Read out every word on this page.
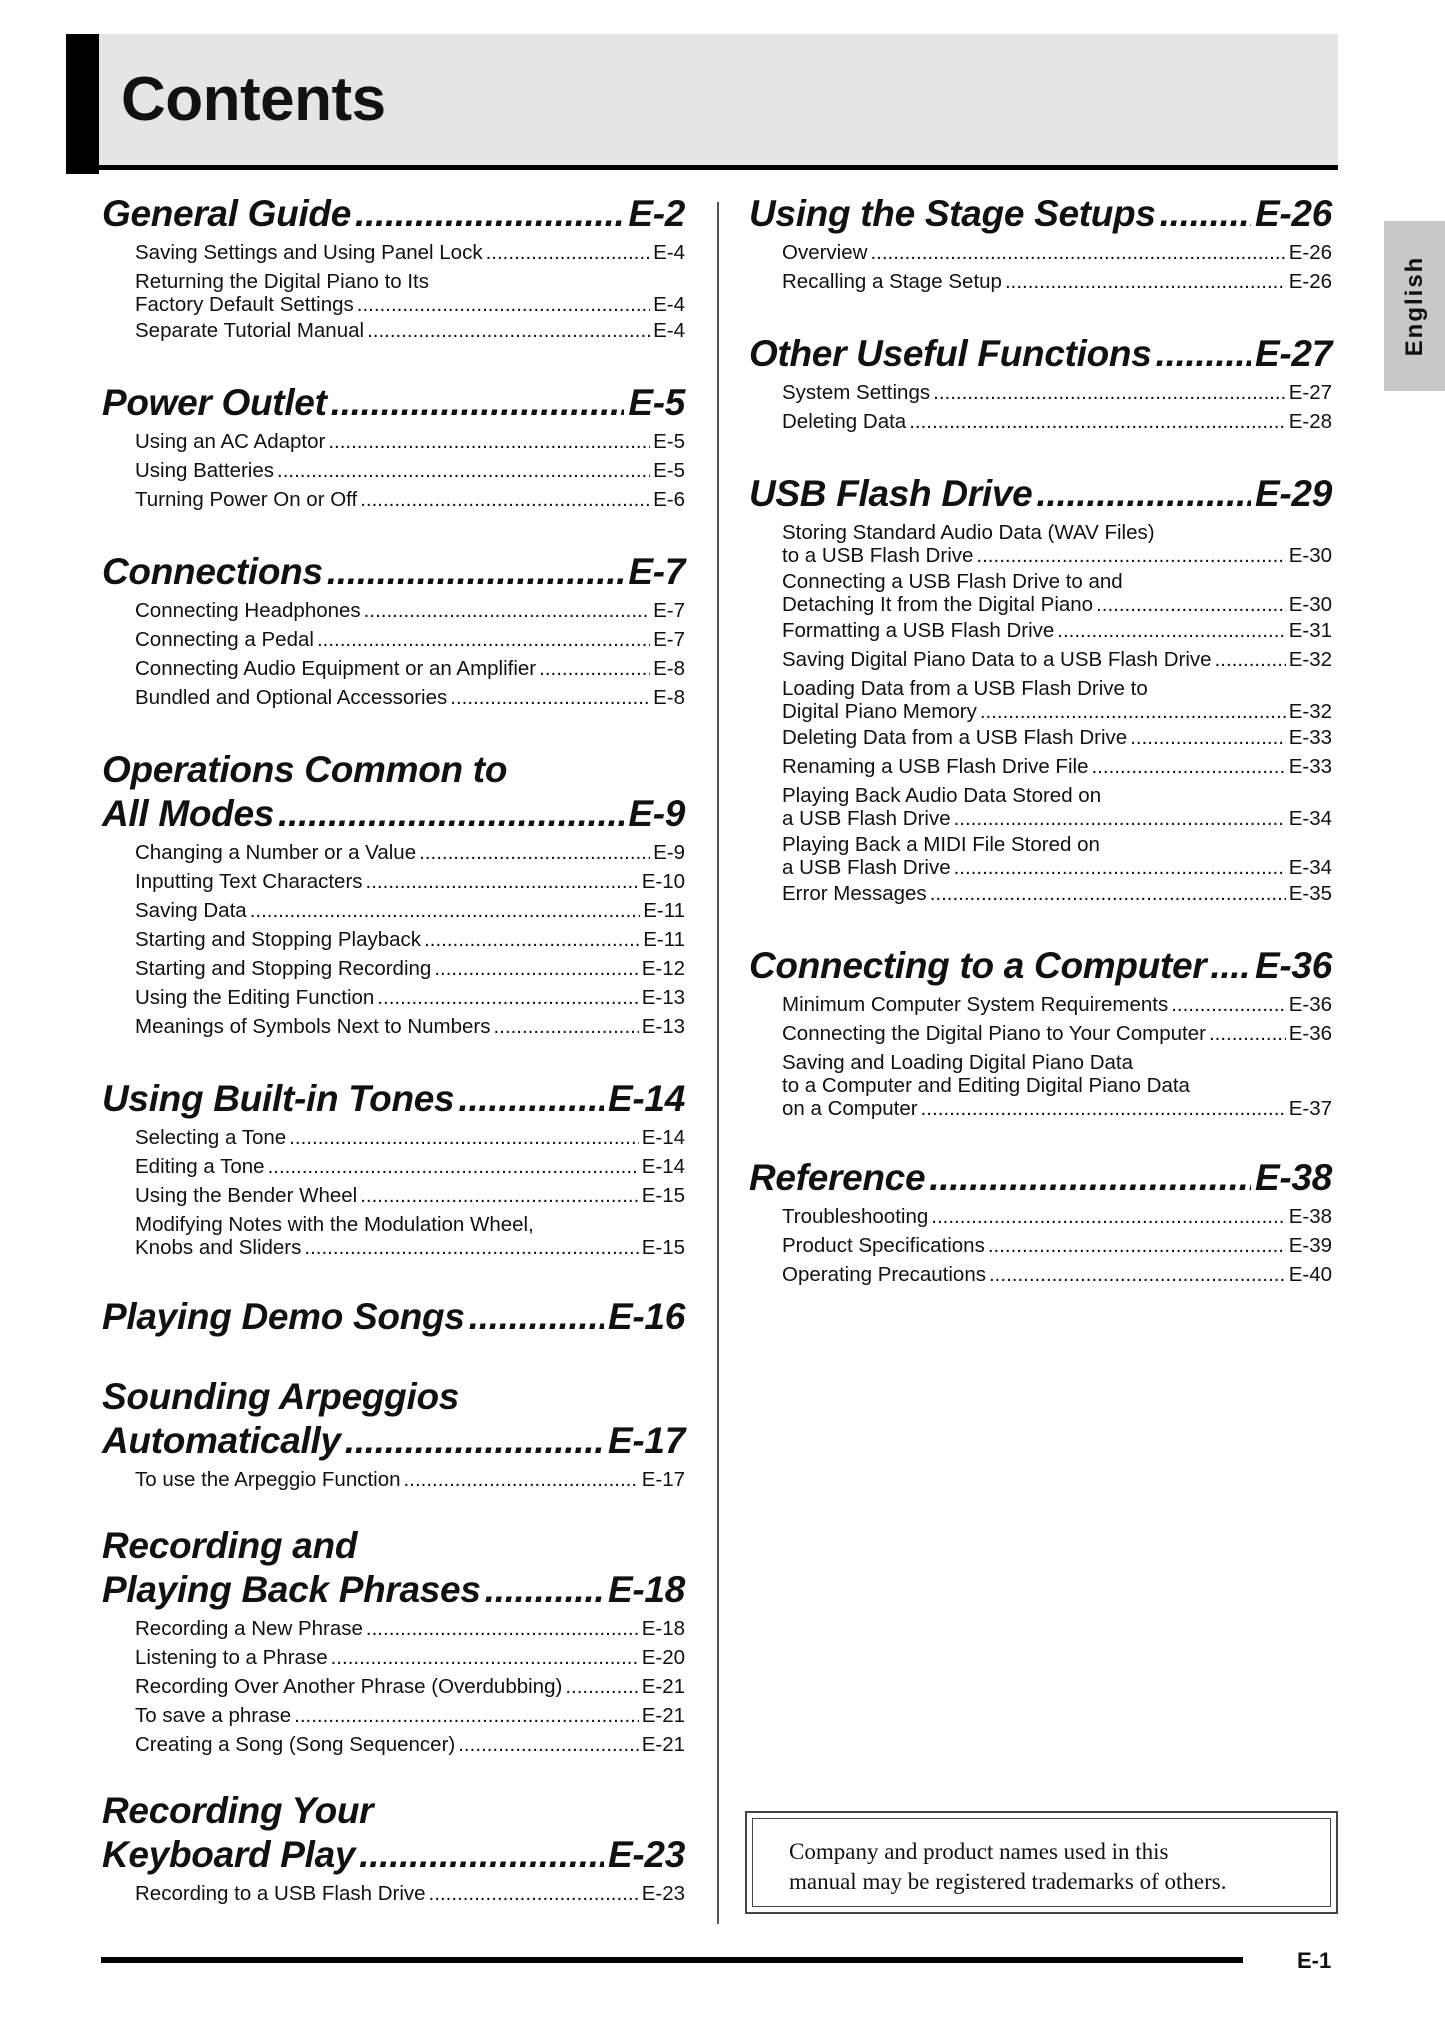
Contents
English
General Guide .....	E-2
Saving Settings and Using Panel Lock .....	E-4
Returning the Digital Piano to Its
Factory Default Settings .....	E-4
Separate Tutorial Manual .....	E-4
Power Outlet .....	E-5
Using an AC Adaptor .....	E-5
Using Batteries .....	E-5
Turning Power On or Off .....	E-6
Connections .....	E-7
Connecting Headphones .....	E-7
Connecting a Pedal .....	E-7
Connecting Audio Equipment or an Amplifier .....	E-8
Bundled and Optional Accessories .....	E-8
Operations Common to
All Modes .....	E-9
Changing a Number or a Value .....	E-9
Inputting Text Characters .....	E-10
Saving Data .....	E-11
Starting and Stopping Playback .....	E-11
Starting and Stopping Recording .....	E-12
Using the Editing Function .....	E-13
Meanings of Symbols Next to Numbers .....	E-13
Using Built-in Tones .....	E-14
Selecting a Tone .....	E-14
Editing a Tone .....	E-14
Using the Bender Wheel .....	E-15
Modifying Notes with the Modulation Wheel,
Knobs and Sliders .....	E-15
Playing Demo Songs .....	E-16
Sounding Arpeggios
Automatically .....	E-17
To use the Arpeggio Function .....	E-17
Recording and
Playing Back Phrases .....	E-18
Recording a New Phrase .....	E-18
Listening to a Phrase .....	E-20
Recording Over Another Phrase (Overdubbing) .....	E-21
To save a phrase .....	E-21
Creating a Song (Song Sequencer) .....	E-21
Recording Your
Keyboard Play .....	E-23
Recording to a USB Flash Drive .....	E-23
Using the Stage Setups .....	E-26
Overview .....	E-26
Recalling a Stage Setup .....	E-26
Other Useful Functions .....	E-27
System Settings .....	E-27
Deleting Data .....	E-28
USB Flash Drive .....	E-29
Storing Standard Audio Data (WAV Files)
to a USB Flash Drive .....	E-30
Connecting a USB Flash Drive to and
Detaching It from the Digital Piano .....	E-30
Formatting a USB Flash Drive .....	E-31
Saving Digital Piano Data to a USB Flash Drive .....	E-32
Loading Data from a USB Flash Drive to
Digital Piano Memory .....	E-32
Deleting Data from a USB Flash Drive .....	E-33
Renaming a USB Flash Drive File .....	E-33
Playing Back Audio Data Stored on
a USB Flash Drive .....	E-34
Playing Back a MIDI File Stored on
a USB Flash Drive .....	E-34
Error Messages .....	E-35
Connecting to a Computer ..... E-36
Minimum Computer System Requirements .....	E-36
Connecting the Digital Piano to Your Computer .....	E-36
Saving and Loading Digital Piano Data
to a Computer and Editing Digital Piano Data
on a Computer .....	E-37
Reference .....	E-38
Troubleshooting .....	E-38
Product Specifications .....	E-39
Operating Precautions .....	E-40
Company and product names used in this
manual may be registered trademarks of others.
E-1
